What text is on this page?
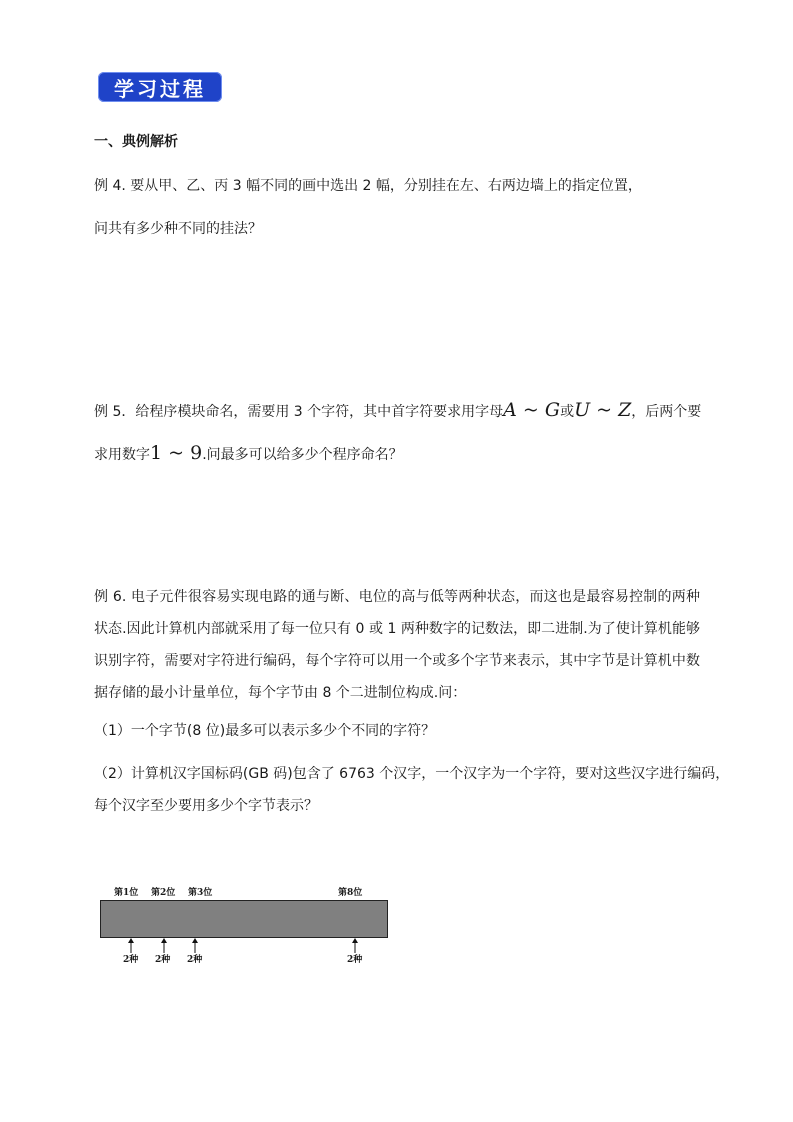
学习过程
一、典例解析
例 4. 要从甲、乙、丙 3 幅不同的画中选出 2 幅，分别挂在左、右两边墙上的指定位置，
问共有多少种不同的挂法？
例 5．给程序模块命名，需要用 3 个字符，其中首字符要求用字母A ~ G或U ~ Z，后两个要
求用数字1 ~ 9.问最多可以给多少个程序命名？
例 6. 电子元件很容易实现电路的通与断、电位的高与低等两种状态，而这也是最容易控制的两种状态.因此计算机内部就采用了每一位只有 0 或 1 两种数字的记数法，即二进制.为了使计算机能够识别字符，需要对字符进行编码，每个字符可以用一个或多个字节来表示，其中字节是计算机中数据存储的最小计量单位，每个字节由 8 个二进制位构成.问：
（1）一个字节(8 位)最多可以表示多少个不同的字符？
（2）计算机汉字国标码(GB 码)包含了 6763 个汉字，一个汉字为一个字符，要对这些汉字进行编码，
每个汉字至少要用多少个字节表示？
第1位 第2位 第3位	第8位
2种 2种 2种	2种
